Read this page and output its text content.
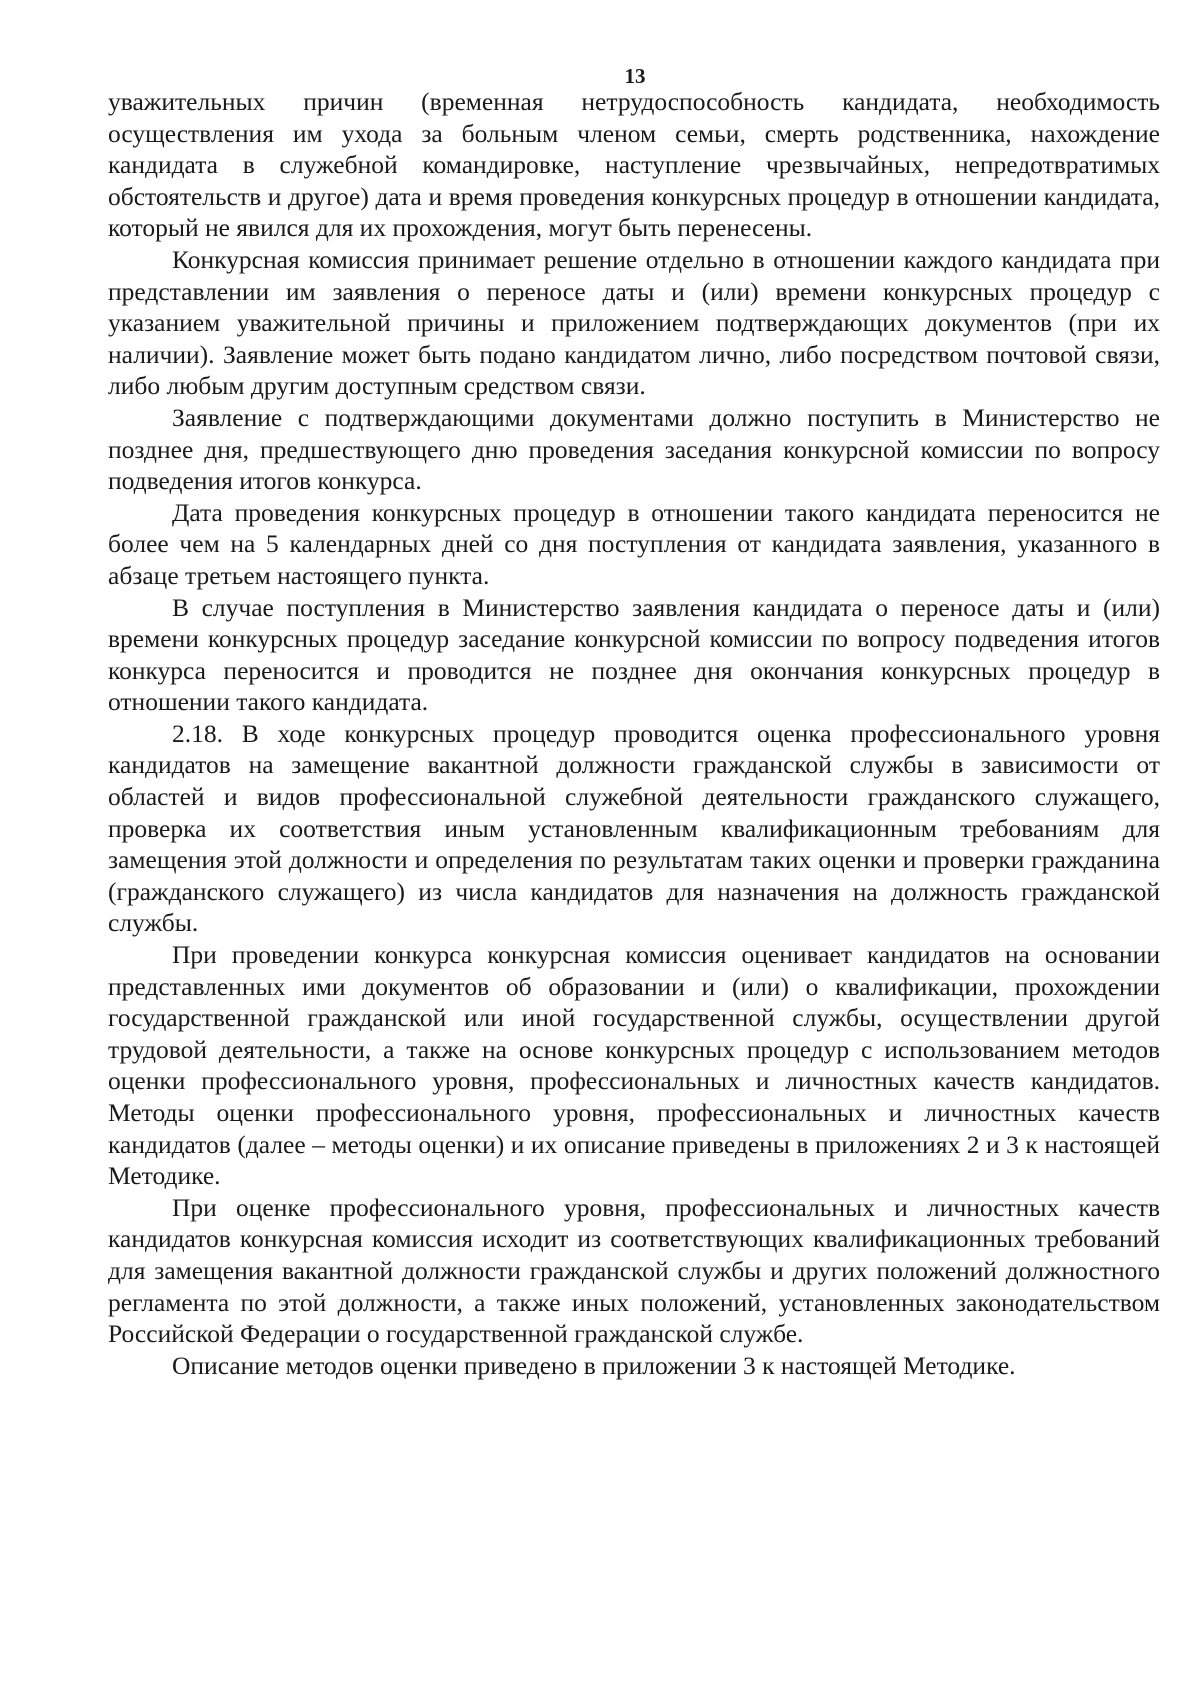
13

уважительных причин (временная нетрудоспособность кандидата, необходимость осуществления им ухода за больным членом семьи, смерть родственника, нахождение кандидата в служебной командировке, наступление чрезвычайных, непредотвратимых обстоятельств и другое) дата и время проведения конкурсных процедур в отношении кандидата, который не явился для их прохождения, могут быть перенесены.

Конкурсная комиссия принимает решение отдельно в отношении каждого кандидата при представлении им заявления о переносе даты и (или) времени конкурсных процедур с указанием уважительной причины и приложением подтверждающих документов (при их наличии). Заявление может быть подано кандидатом лично, либо посредством почтовой связи, либо любым другим доступным средством связи.

Заявление с подтверждающими документами должно поступить в Министерство не позднее дня, предшествующего дню проведения заседания конкурсной комиссии по вопросу подведения итогов конкурса.

Дата проведения конкурсных процедур в отношении такого кандидата переносится не более чем на 5 календарных дней со дня поступления от кандидата заявления, указанного в абзаце третьем настоящего пункта.

В случае поступления в Министерство заявления кандидата о переносе даты и (или) времени конкурсных процедур заседание конкурсной комиссии по вопросу подведения итогов конкурса переносится и проводится не позднее дня окончания конкурсных процедур в отношении такого кандидата.

2.18. В ходе конкурсных процедур проводится оценка профессионального уровня кандидатов на замещение вакантной должности гражданской службы в зависимости от областей и видов профессиональной служебной деятельности гражданского служащего, проверка их соответствия иным установленным квалификационным требованиям для замещения этой должности и определения по результатам таких оценки и проверки гражданина (гражданского служащего) из числа кандидатов для назначения на должность гражданской службы.

При проведении конкурса конкурсная комиссия оценивает кандидатов на основании представленных ими документов об образовании и (или) о квалификации, прохождении государственной гражданской или иной государственной службы, осуществлении другой трудовой деятельности, а также на основе конкурсных процедур с использованием методов оценки профессионального уровня, профессиональных и личностных качеств кандидатов. Методы оценки профессионального уровня, профессиональных и личностных качеств кандидатов (далее – методы оценки) и их описание приведены в приложениях 2 и 3 к настоящей Методике.

При оценке профессионального уровня, профессиональных и личностных качеств кандидатов конкурсная комиссия исходит из соответствующих квалификационных требований для замещения вакантной должности гражданской службы и других положений должностного регламента по этой должности, а также иных положений, установленных законодательством Российской Федерации о государственной гражданской службе.

Описание методов оценки приведено в приложении 3 к настоящей Методике.
